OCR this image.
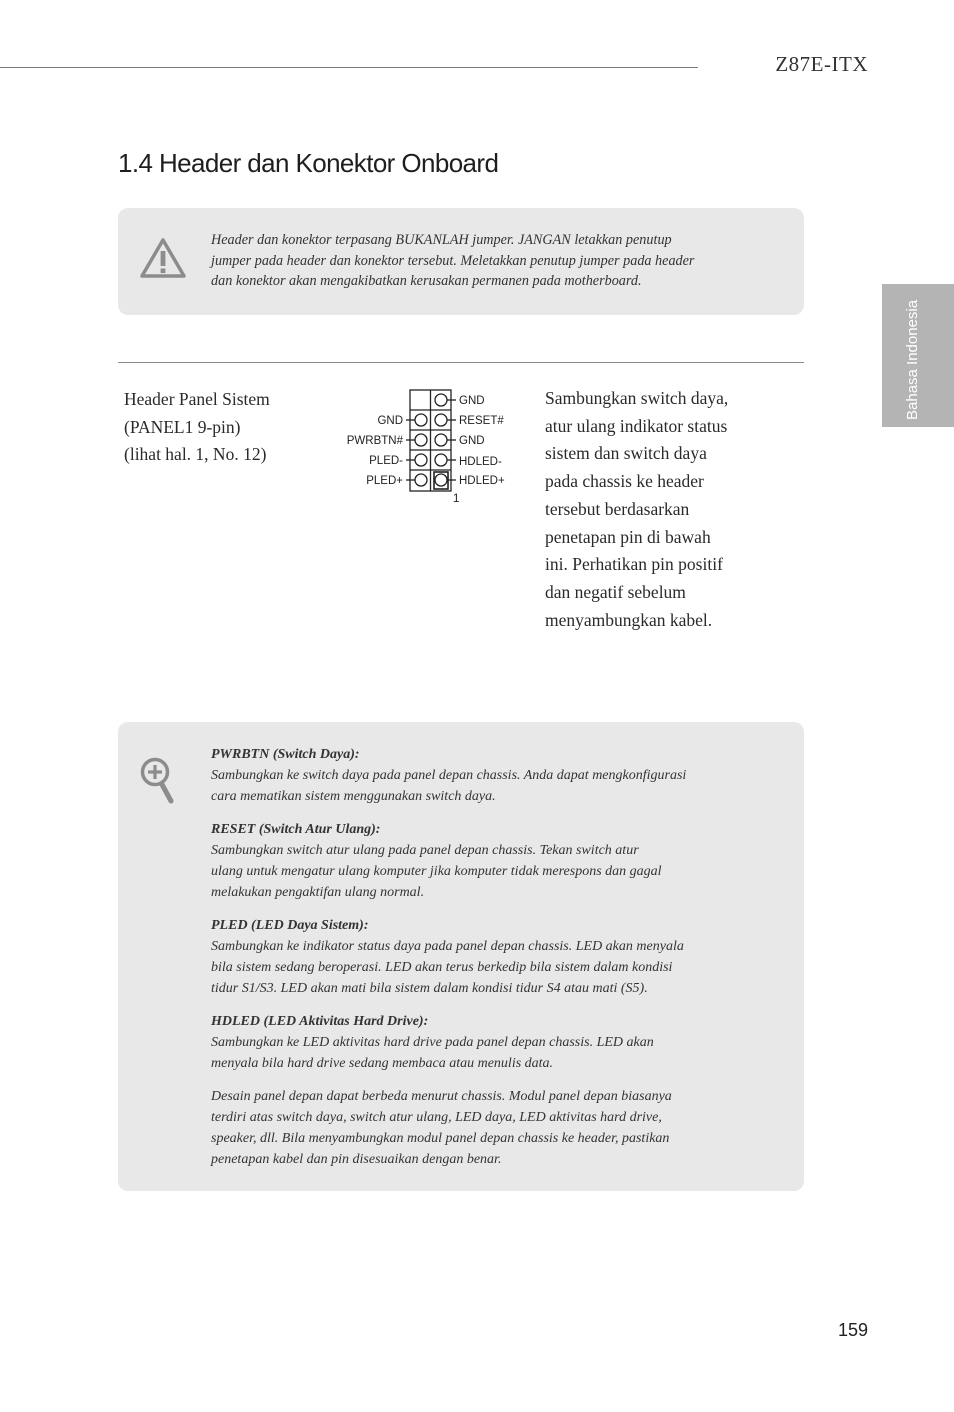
Z87E-ITX
1.4 Header dan Konektor Onboard
Bahasa Indonesia

Header dan konektor terpasang BUKANLAH jumper. JANGAN letakkan penutup
jumper pada header dan konektor tersebut. Meletakkan penutup jumper pada header
dan konektor akan mengakibatkan kerusakan permanen pada motherboard.

Header Panel Sistem
(PANEL1 9-pin)
(lihat hal. 1, No. 12)
GND
PWRBTN#
PLED-
PLED+
GND
RESET#
GND
HDLED-
HDLED+
1
Sambungkan switch daya,
atur ulang indikator status
sistem dan switch daya
pada chassis ke header
tersebut berdasarkan
penetapan pin di bawah
ini. Perhatikan pin positif
dan negatif sebelum
menyambungkan kabel.
PWRBTN (Switch Daya):
Sambungkan ke switch daya pada panel depan chassis. Anda dapat mengkonfigurasi
cara mematikan sistem menggunakan switch daya.
RESET (Switch Atur Ulang):
Sambungkan switch atur ulang pada panel depan chassis. Tekan switch atur
ulang untuk mengatur ulang komputer jika komputer tidak merespons dan gagal
melakukan pengaktifan ulang normal.
PLED (LED Daya Sistem):
Sambungkan ke indikator status daya pada panel depan chassis. LED akan menyala
bila sistem sedang beroperasi. LED akan terus berkedip bila sistem dalam kondisi
tidur S1/S3. LED akan mati bila sistem dalam kondisi tidur S4 atau mati (S5).
HDLED (LED Aktivitas Hard Drive):
Sambungkan ke LED aktivitas hard drive pada panel depan chassis. LED akan
menyala bila hard drive sedang membaca atau menulis data.
Desain panel depan dapat berbeda menurut chassis. Modul panel depan biasanya
terdiri atas switch daya, switch atur ulang, LED daya, LED aktivitas hard drive,
speaker, dll. Bila menyambungkan modul panel depan chassis ke header, pastikan
penetapan kabel dan pin disesuaikan dengan benar.
159
